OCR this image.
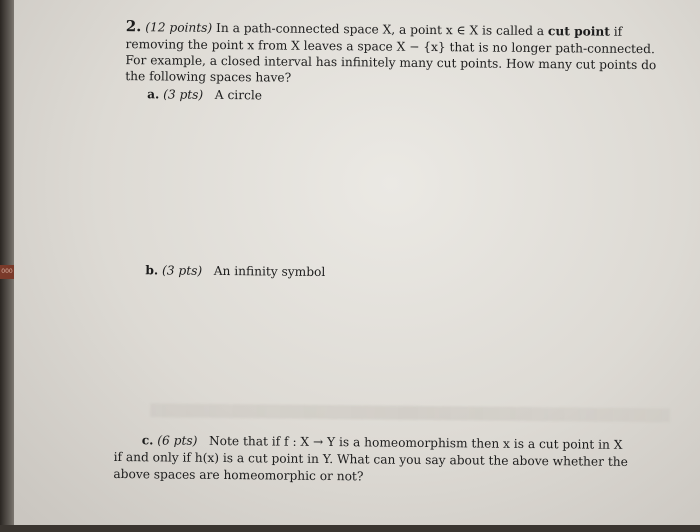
000
2. (12 points) In a path-connected space X, a point x ∈ X is called a cut point if
removing the point x from X leaves a space X − {x} that is no longer path-connected.
For example, a closed interval has infinitely many cut points. How many cut points do
the following spaces have?
a. (3 pts) A circle
b. (3 pts) An infinity symbol
c. (6 pts) Note that if f : X → Y is a homeomorphism then x is a cut point in X
if and only if h(x) is a cut point in Y. What can you say about the above whether the
above spaces are homeomorphic or not?
